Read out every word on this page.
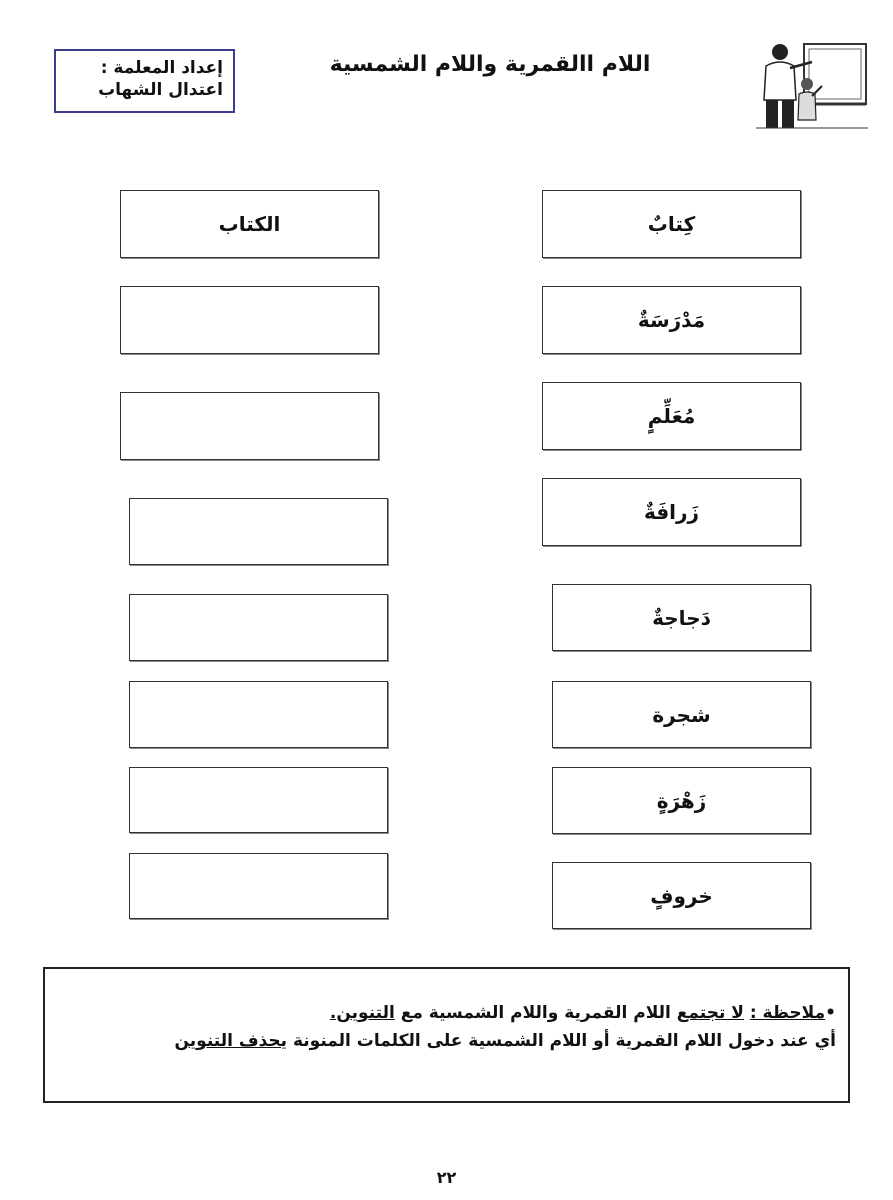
إعداد المعلمة :
اعتدال الشهاب
اللام االقمرية واللام الشمسية
كِتابٌ
مَدْرَسَةٌ
مُعَلِّمٍ
زَرافَةٌ
دَجاجةٌ
شجرة
زَهْرَةٍ
خروفٍ
الكتاب
•ملاحظة : لا تجتمع اللام القمرية واللام الشمسية مع التنوين.
أي عند دخول اللام القمرية أو اللام الشمسية على الكلمات المنونة يحذف التنوين
٢٢
